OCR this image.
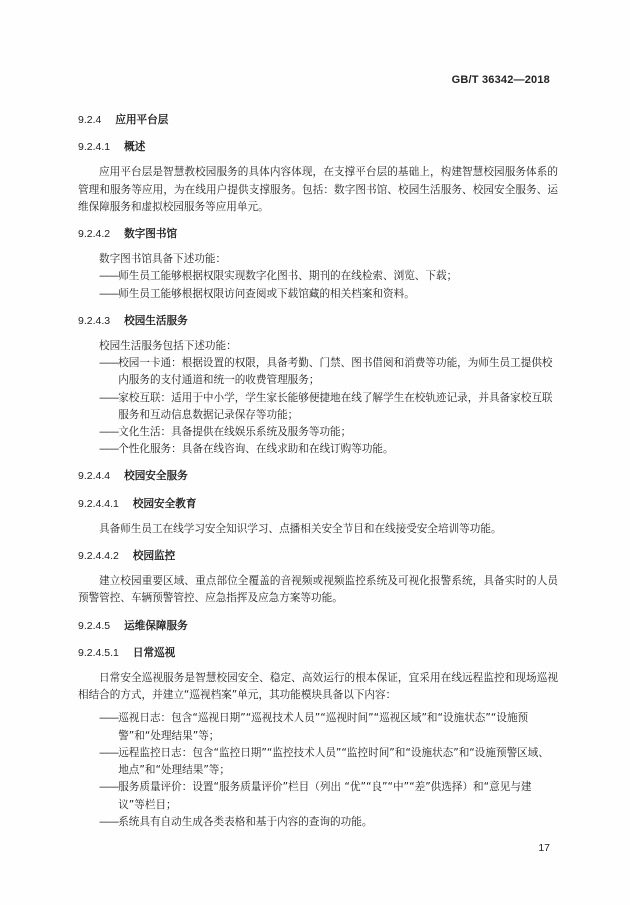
GB/T 36342—2018
9.2.4 应用平台层
9.2.4.1 概述

应用平台层是智慧教校园服务的具体内容体现，在支撑平台层的基础上，构建智慧校园服务体系的管理和服务等应用，为在线用户提供支撑服务。包括：数字图书馆、校园生活服务、校园安全服务、运维保障服务和虚拟校园服务等应用单元。

9.2.4.2 数字图书馆

数字图书馆具备下述功能：

—— 师生员工能够根据权限实现数字化图书、期刊的在线检索、浏览、下载；
—— 师生员工能够根据权限访问查阅或下载馆藏的相关档案和资料。
9.2.4.3 校园生活服务

校园生活服务包括下述功能：

—— 校园一卡通：根据设置的权限，具备考勤、门禁、图书借阅和消费等功能，为师生员工提供校内服务的支付通道和统一的收费管理服务；
—— 家校互联：适用于中小学，学生家长能够便捷地在线了解学生在校轨迹记录，并具备家校互联服务和互动信息数据记录保存等功能；
—— 文化生活：具备提供在线娱乐系统及服务等功能；
—— 个性化服务：具备在线咨询、在线求助和在线订购等功能。
9.2.4.4 校园安全服务
9.2.4.4.1 校园安全教育

具备师生员工在线学习安全知识学习、点播相关安全节目和在线接受安全培训等功能。

9.2.4.4.2 校园监控

建立校园重要区域、重点部位全覆盖的音视频或视频监控系统及可视化报警系统，具备实时的人员预警管控、车辆预警管控、应急指挥及应急方案等功能。

9.2.4.5 运维保障服务
9.2.4.5.1 日常巡视

日常安全巡视服务是智慧校园安全、稳定、高效运行的根本保证，宜采用在线远程监控和现场巡视相结合的方式，并建立“巡视档案”单元，其功能模块具备以下内容：

—— 巡视日志：包含“巡视日期”“巡视技术人员”“巡视时间”“巡视区域”和“设施状态”“设施预警”和“处理结果”等；
—— 远程监控日志：包含“监控日期”“监控技术人员”“监控时间”和“设施状态”和“设施预警区域、地点”和“处理结果”等；
—— 服务质量评价：设置“服务质量评价”栏目（列出 “优”“良”“中”“差”供选择）和“意见与建议”等栏目；
—— 系统具有自动生成各类表格和基于内容的查询的功能。
17
